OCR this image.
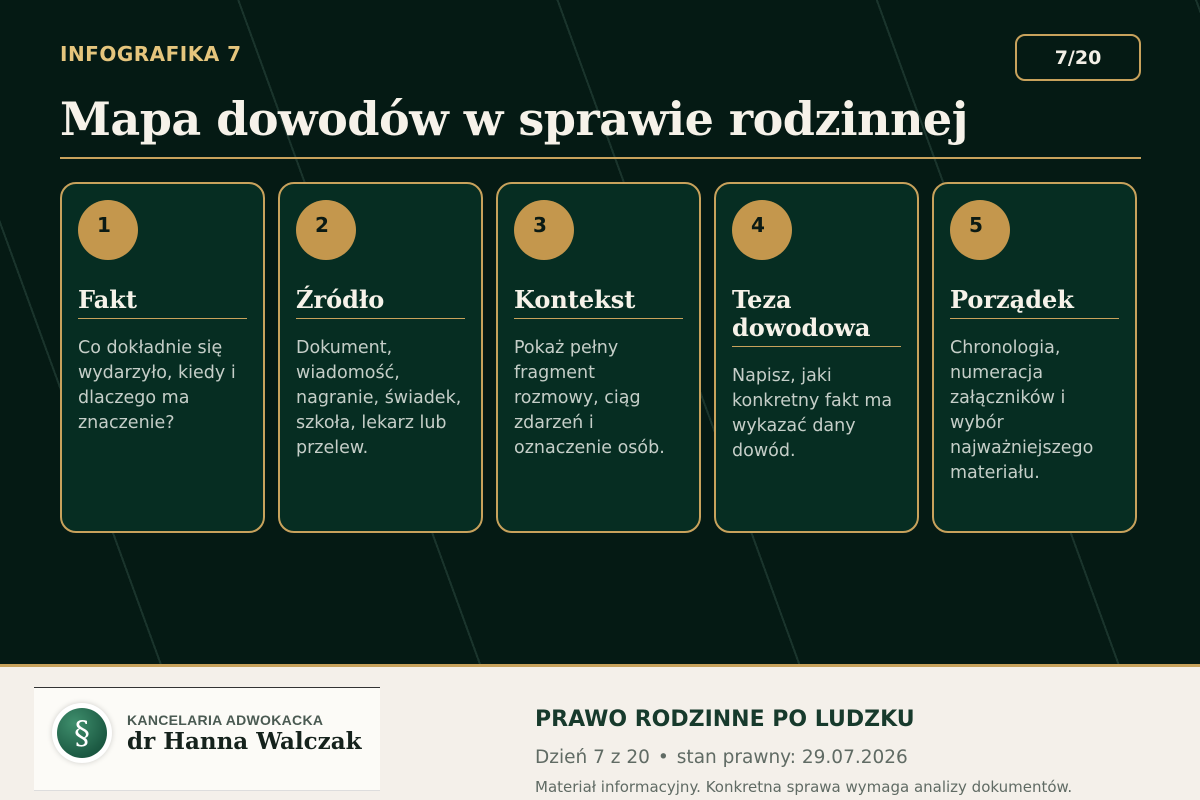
INFOGRAFIKA 7	7/20
Mapa dowodów w sprawie rodzinnej
1
Fakt
Co dokładnie się wydarzyło, kiedy i dlaczego ma znaczenie?
2
Źródło
Dokument, wiadomość, nagranie, świadek, szkoła, lekarz lub przelew.
3
Kontekst
Pokaż pełny fragment rozmowy, ciąg zdarzeń i oznaczenie osób.
4
Teza dowodowa
Napisz, jaki konkretny fakt ma wykazać dany dowód.
5
Porządek
Chronologia, numeracja załączników i wybór najważniejszego materiału.
§	KANCELARIA ADWOKACKA
dr Hanna Walczak
PRAWO RODZINNE PO LUDZKU
Dzień 7 z 20 • stan prawny: 29.07.2026
Materiał informacyjny. Konkretna sprawa wymaga analizy dokumentów.
